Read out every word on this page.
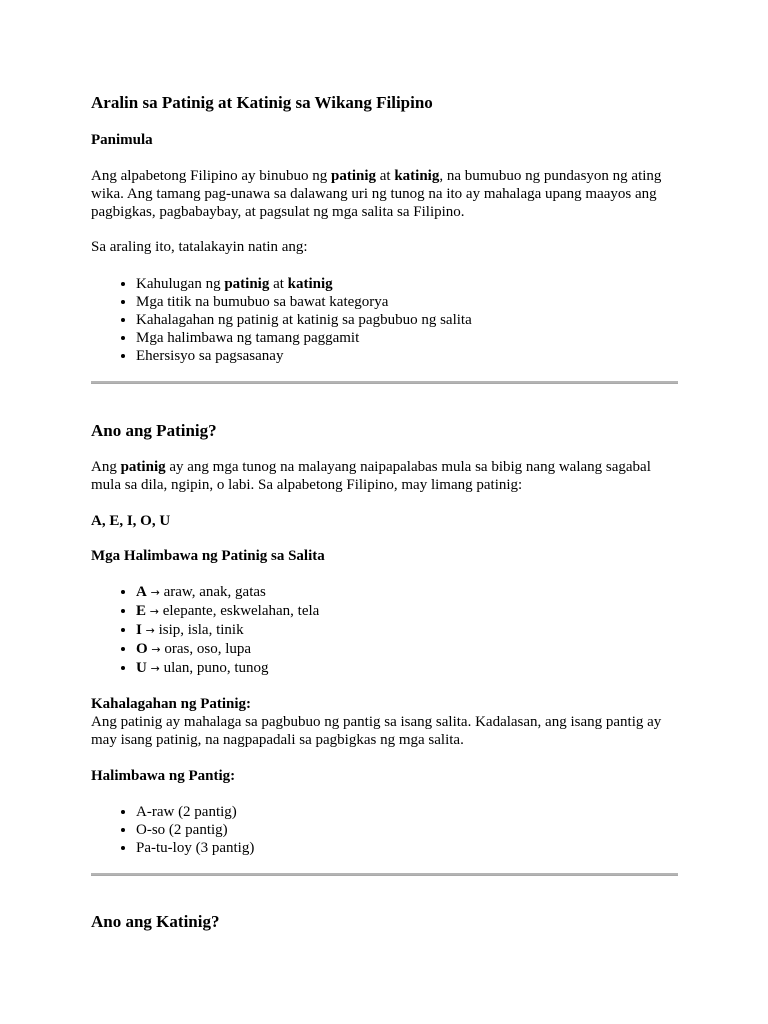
Aralin sa Patinig at Katinig sa Wikang Filipino

Panimula

Ang alpabetong Filipino ay binubuo ng patinig at katinig, na bumubuo ng pundasyon ng ating wika. Ang tamang pag-unawa sa dalawang uri ng tunog na ito ay mahalaga upang maayos ang pagbigkas, pagbabaybay, at pagsulat ng mga salita sa Filipino.

Sa araling ito, tatalakayin natin ang:

• Kahulugan ng patinig at katinig
• Mga titik na bumubuo sa bawat kategorya
• Kahalagahan ng patinig at katinig sa pagbubuo ng salita
• Mga halimbawa ng tamang paggamit
• Ehersisyo sa pagsasanay
Ano ang Patinig?

Ang patinig ay ang mga tunog na malayang naipapalabas mula sa bibig nang walang sagabal mula sa dila, ngipin, o labi. Sa alpabetong Filipino, may limang patinig:

A, E, I, O, U

Mga Halimbawa ng Patinig sa Salita

• A → araw, anak, gatas
• E → elepante, eskwelahan, tela
• I → isip, isla, tinik
• O → oras, oso, lupa
• U → ulan, puno, tunog

Kahalagahan ng Patinig:
Ang patinig ay mahalaga sa pagbubuo ng pantig sa isang salita. Kadalasan, ang isang pantig ay may isang patinig, na nagpapadali sa pagbigkas ng mga salita.

Halimbawa ng Pantig:

• A-raw (2 pantig)
• O-so (2 pantig)
• Pa-tu-loy (3 pantig)
Ano ang Katinig?
